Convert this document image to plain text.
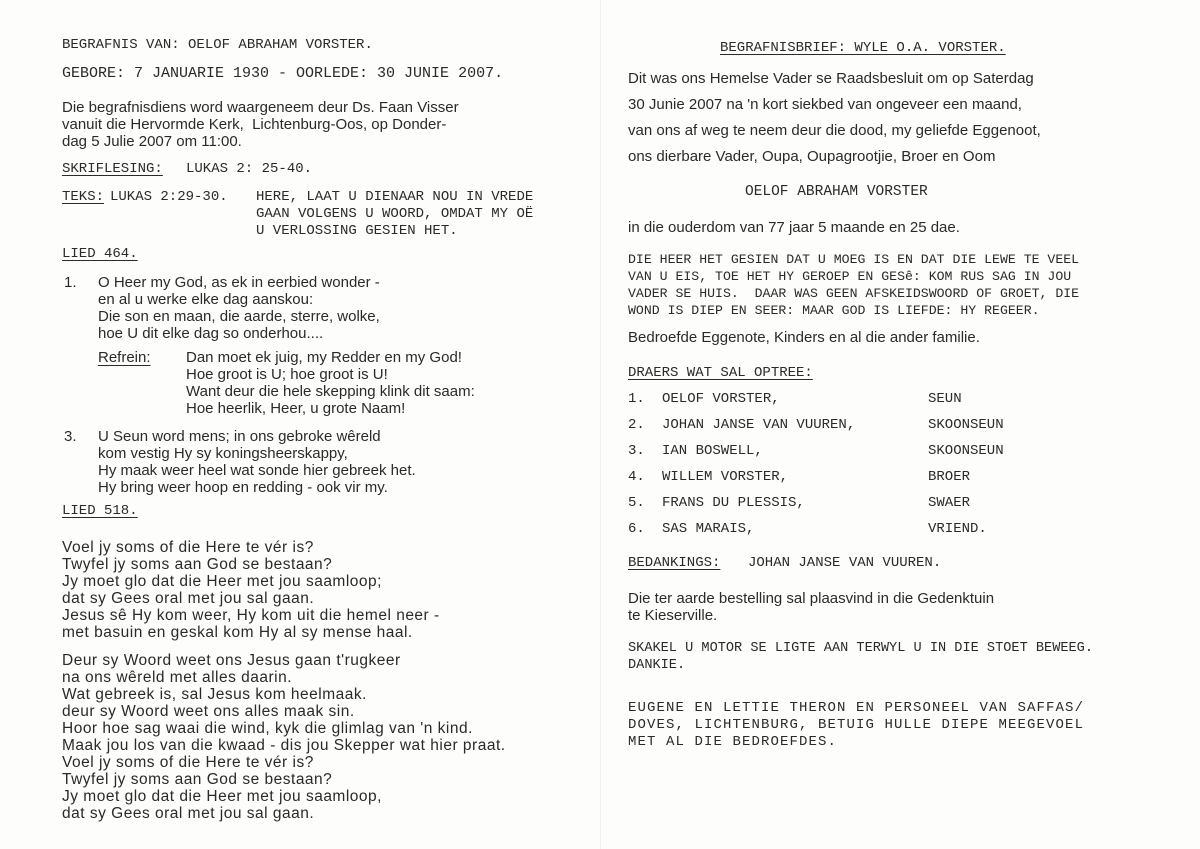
BEGRAFNIS VAN: OELOF ABRAHAM VORSTER.
GEBORE: 7 JANUARIE 1930 - OORLEDE: 30 JUNIE 2007.
Die begrafnisdiens word waargeneem deur Ds. Faan Visser
vanuit die Hervormde Kerk,  Lichtenburg-Oos, op Donder-
dag 5 Julie 2007 om 11:00.
SKRIFLESING: LUKAS 2: 25-40.
TEKS: LUKAS 2:29-30. HERE, LAAT U DIENAAR NOU IN VREDE
GAAN VOLGENS U WOORD, OMDAT MY OË
U VERLOSSING GESIEN HET.
LIED 464.
1. O Heer my God, as ek in eerbied wonder -
en al u werke elke dag aanskou:
Die son en maan, die aarde, sterre, wolke,
hoe U dit elke dag so onderhou....
Refrein: Dan moet ek juig, my Redder en my God!
Hoe groot is U; hoe groot is U!
Want deur die hele skepping klink dit saam:
Hoe heerlik, Heer, u grote Naam!
3. U Seun word mens; in ons gebroke wêreld
kom vestig Hy sy koningsheerskappy,
Hy maak weer heel wat sonde hier gebreek het.
Hy bring weer hoop en redding - ook vir my.
LIED 518.
Voel jy soms of die Here te vér is?
Twyfel jy soms aan God se bestaan?
Jy moet glo dat die Heer met jou saamloop;
dat sy Gees oral met jou sal gaan.
Jesus sê Hy kom weer, Hy kom uit die hemel neer -
met basuin en geskal kom Hy al sy mense haal.
Deur sy Woord weet ons Jesus gaan t'rugkeer
na ons wêreld met alles daarin.
Wat gebreek is, sal Jesus kom heelmaak.
deur sy Woord weet ons alles maak sin.
Hoor hoe sag waai die wind, kyk die glimlag van 'n kind.
Maak jou los van die kwaad - dis jou Skepper wat hier praat.
Voel jy soms of die Here te vér is?
Twyfel jy soms aan God se bestaan?
Jy moet glo dat die Heer met jou saamloop,
dat sy Gees oral met jou sal gaan.
BEGRAFNISBRIEF: WYLE O.A. VORSTER.
Dit was ons Hemelse Vader se Raadsbesluit om op Saterdag
30 Junie 2007 na 'n kort siekbed van ongeveer een maand,
van ons af weg te neem deur die dood, my geliefde Eggenoot,
ons dierbare Vader, Oupa, Oupagrootjie, Broer en Oom
OELOF ABRAHAM VORSTER
in die ouderdom van 77 jaar 5 maande en 25 dae.
DIE HEER HET GESIEN DAT U MOEG IS EN DAT DIE LEWE TE VEEL
VAN U EIS, TOE HET HY GEROEP EN GESê: KOM RUS SAG IN JOU
VADER SE HUIS.  DAAR WAS GEEN AFSKEIDSWOORD OF GROET, DIE
WOND IS DIEP EN SEER: MAAR GOD IS LIEFDE: HY REGEER.
Bedroefde Eggenote, Kinders en al die ander familie.
DRAERS WAT SAL OPTREE:
1. OELOF VORSTER,	SEUN
2. JOHAN JANSE VAN VUUREN,	SKOONSEUN
3. IAN BOSWELL,	SKOONSEUN
4. WILLEM VORSTER,	BROER
5. FRANS DU PLESSIS,	SWAER
6. SAS MARAIS,	VRIEND.
BEDANKINGS: JOHAN JANSE VAN VUUREN.
Die ter aarde bestelling sal plaasvind in die Gedenktuin
te Kieserville.
SKAKEL U MOTOR SE LIGTE AAN TERWYL U IN DIE STOET BEWEEG.
DANKIE.
EUGENE EN LETTIE THERON EN PERSONEEL VAN SAFFAS/
DOVES, LICHTENBURG, BETUIG HULLE DIEPE MEEGEVOEL
MET AL DIE BEDROEFDES.
